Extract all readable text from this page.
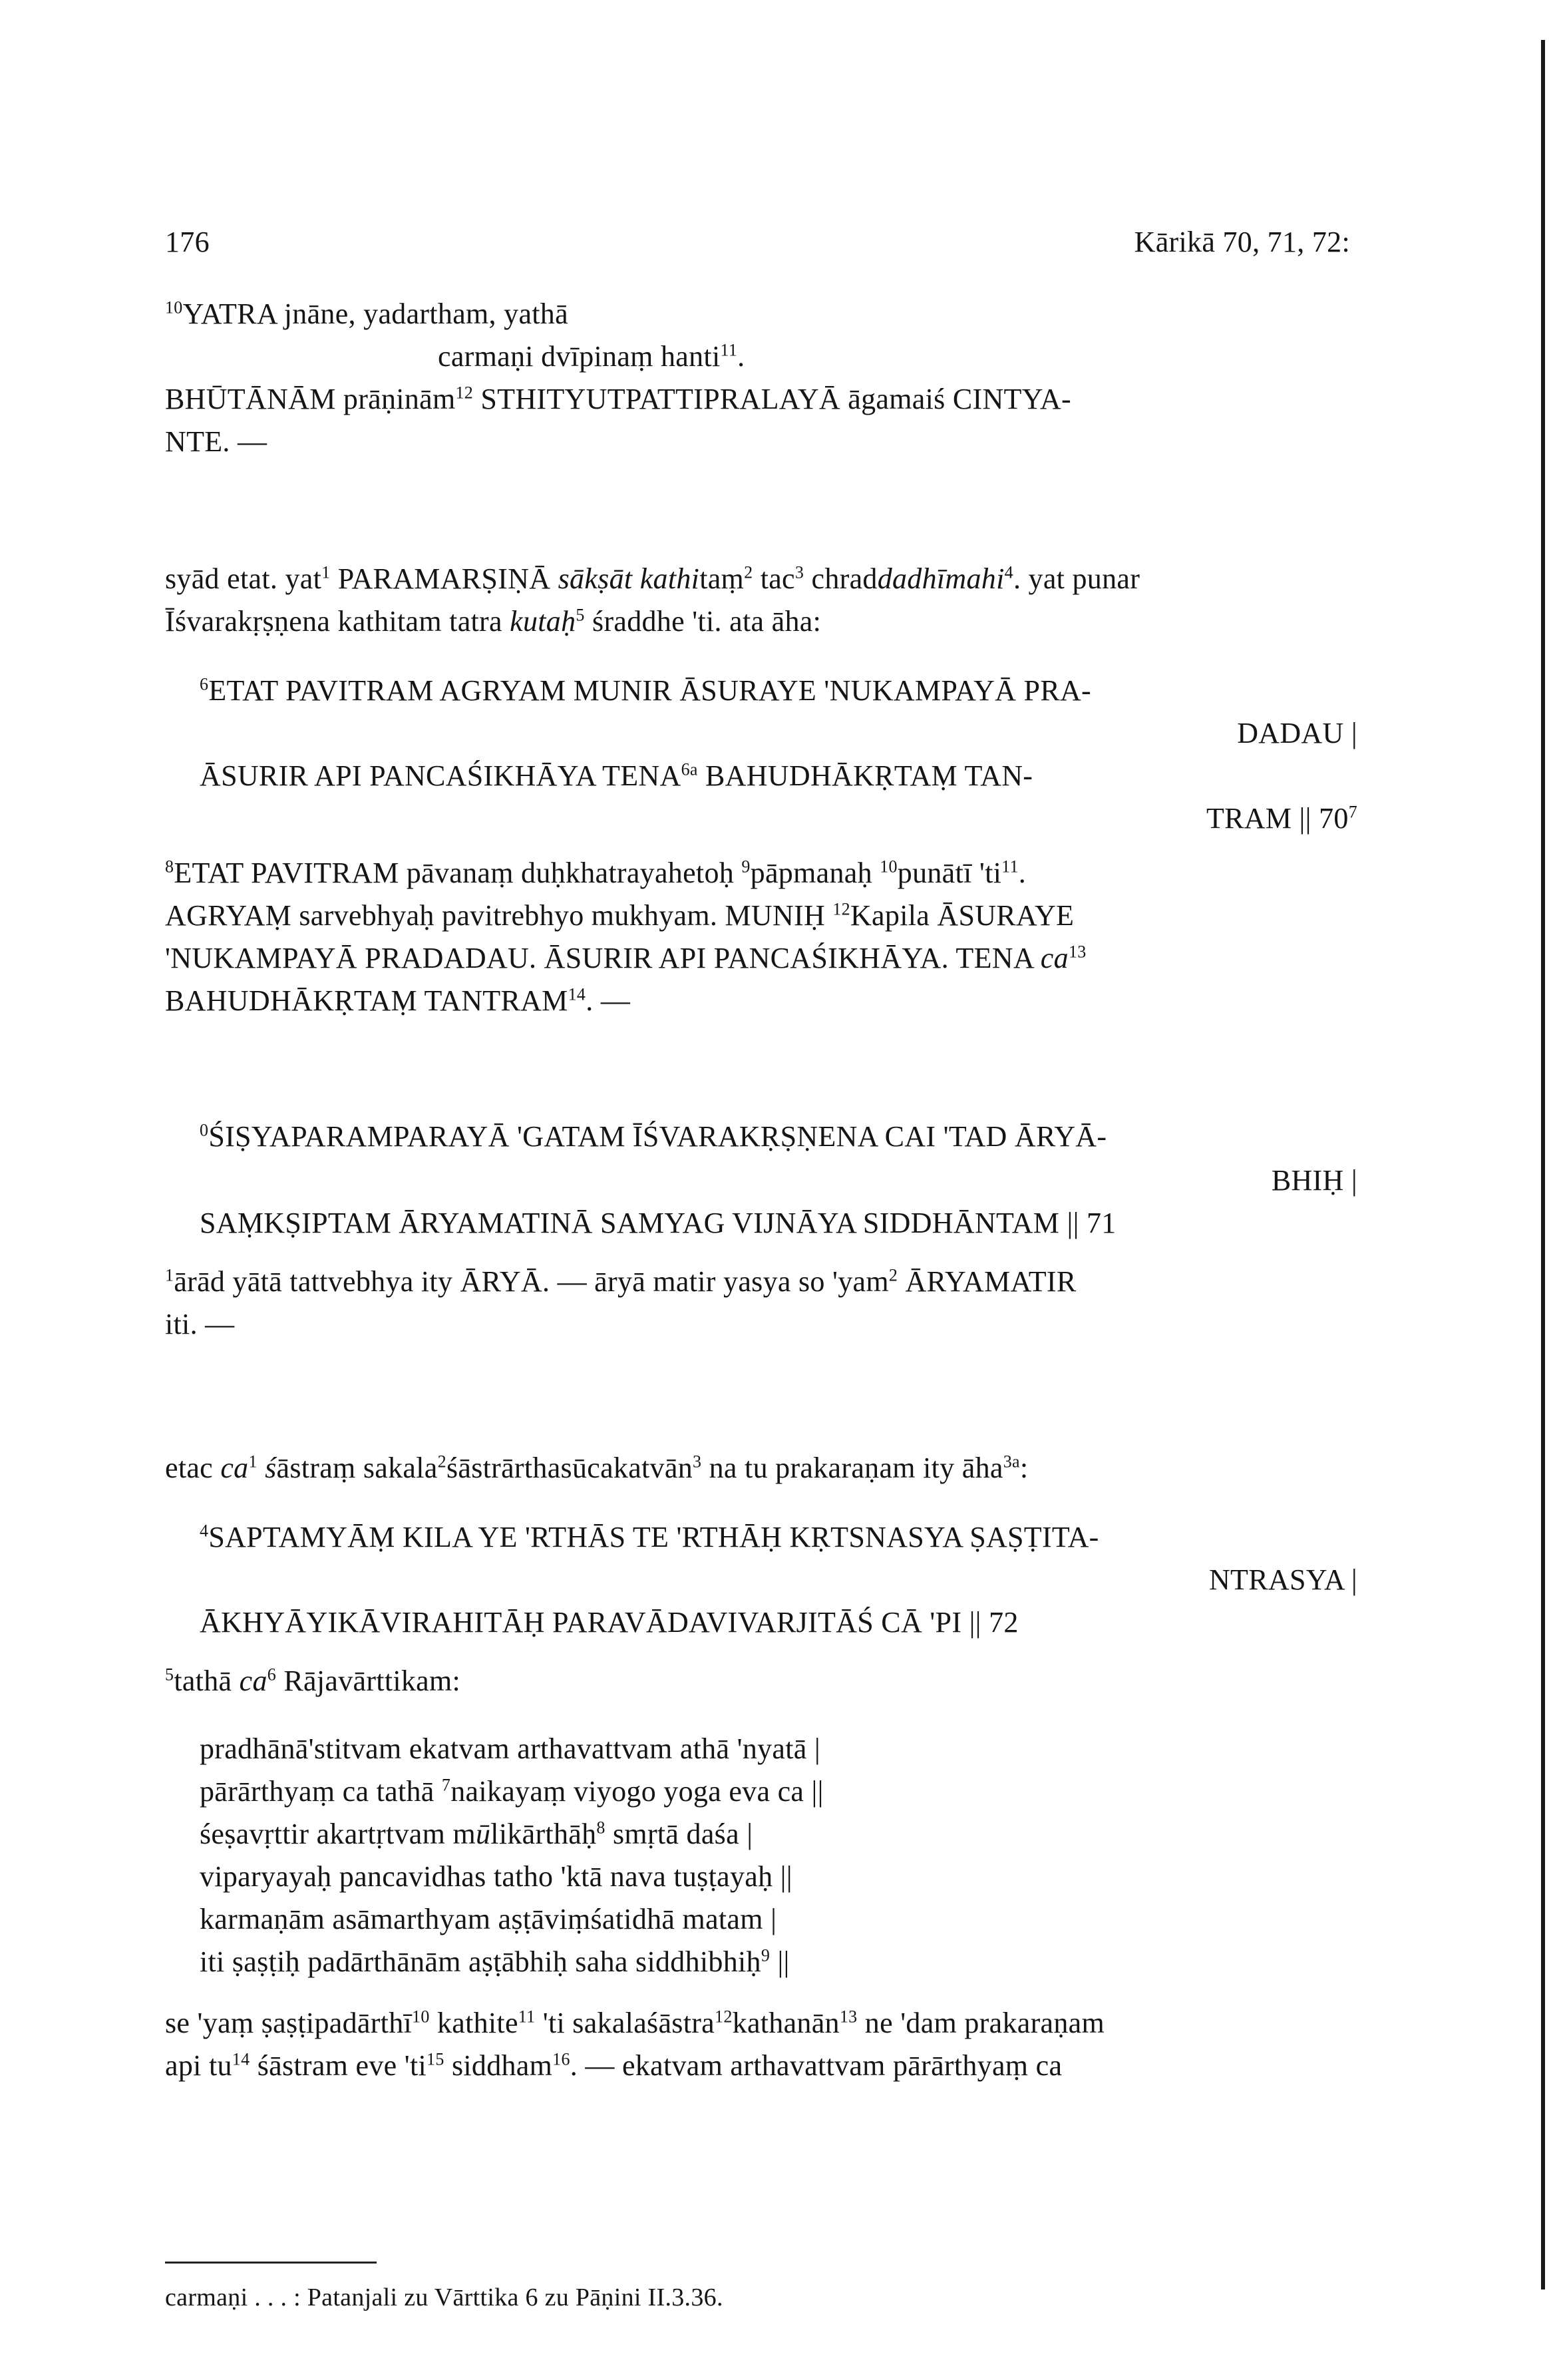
176	Kārikā 70, 71, 72:
$^{10}$YATRA jnāne, yadartham, yathā
carmaṇi dvīpinaṃ hanti$^{11}$.
BHŪTĀNĀM prāṇinām$^{12}$ STHITYUTPATTIPRALAYĀ āgamaiś CINTYA-
NTE. —
syād etat. yat$^1$ PARAMARṢIṆĀ sākṣāt kathitaṃ$^2$ tac$^3$ chraddadhīmahi$^4$. yat punar
Īśvarakṛṣṇena kathitam tatra kutaḥ$^5$ śraddhe 'ti. ata āha:
$^6$ETAT PAVITRAM AGRYAM MUNIR ĀSURAYE 'NUKAMPAYĀ PRA-
DADAU |
ĀSURIR API PANCAŚIKHĀYA $TENA^{6a}$ BAHUDHĀKṚTAṂ TAN-
TRAM || $70^7$
$^8$ETAT PAVITRAM pāvanaṃ duḥkhatrayahetoḥ $^9$pāpmanaḥ $^{10}$punātī '$ti^{11}$.
AGRYAṂ sarvebhyaḥ pavitrebhyo mukhyam. MUNIḤ $^{12}$Kapila ĀSURAYE
'NUKAMPAYĀ PRADADAU. ĀSURIR API PANCAŚIKHĀYA. TENA $ca^{13}$
BAHUDHĀKṚTAṂ TANTRAM$^{14}$. —
$^0$ŚIṢYAPARAMPARAYĀ 'GATAM ĪŚVARAKṚṢṆENA CAI 'TAD ĀRYĀ-
BHIḤ |
SAṂKṢIPTAM ĀRYAMATINĀ SAMYAG VIJNĀYA SIDDHĀNTAM || 71
$^1$ārād yātā tattvebhya ity ĀRYĀ. — āryā matir yasya so 'yam$^2$ ĀRYAMATIR
iti. —
etac $ca^1$ śāstraṃ sakala$^2$śāstrārthasūcakatvān$^3$ na tu prakaraṇam ity āha$^{3a}$:
$^4$SAPTAMYĀṂ KILA YE 'RTHĀS TE 'RTHĀḤ KṚTSNASYA ṢAṢṬITA-
NTRASYA |
ĀKHYĀYIKĀVIRAHITĀḤ PARAVĀDAVIVARJITĀŚ CĀ 'PI || 72
$^5$tathā $ca^6$ Rājavārttikam:
pradhānā'stitvam ekatvam arthavattvam athā 'nyatā |
pārārthyaṃ ca tathā $^7$naikayaṃ viyogo yoga eva ca ||
śeṣavṛttir akartṛtvam mūlikārthāḥ$^8$ smṛtā daśa |
viparyayaḥ pancavidhas tatho 'ktā nava tuṣṭayaḥ ||
karmaṇām asāmarthyam aṣṭāviṃśatidhā matam |
iti ṣaṣṭiḥ padārthānām aṣṭābhiḥ saha siddhibhiḥ$^9$ ||
se 'yaṃ ṣaṣṭipadārthī$^{10}$ kathite$^{11}$ 'ti sakalaśāstra$^{12}$kathanān$^{13}$ ne 'dam prakaraṇam
api $tu^{14}$ śāstram eve '$ti^{15}$ siddham$^{16}$. — ekatvam arthavattvam pārārthyaṃ ca
carmaṇi . . . : Patanjali zu Vārttika 6 zu Pāṇini II.3.36.
